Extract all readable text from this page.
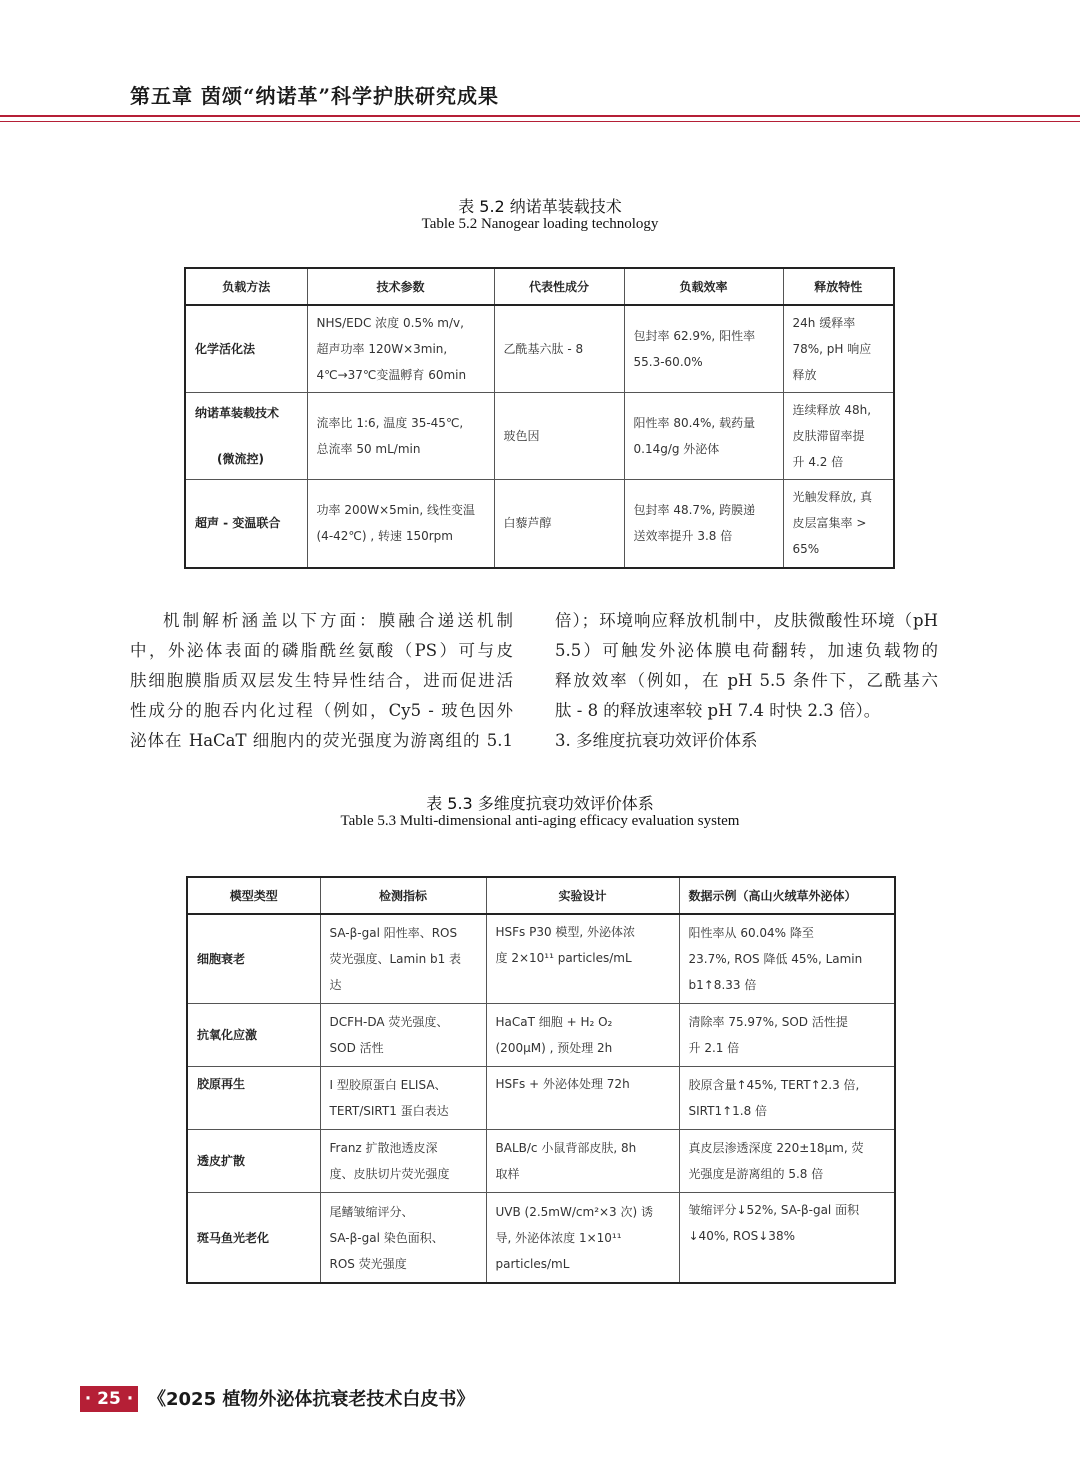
第五章 茵颂“纳诺革”科学护肤研究成果
表 5.2 纳诺革装载技术
Table 5.2 Nanogear loading technology
负载方法	技术参数	代表性成分	负载效率	释放特性

化学活化法	NHS/EDC 浓度 0.5% m/v,
超声功率 120W×3min,
4℃→37℃变温孵育 60min	乙酰基六肽 - 8	包封率 62.9%, 阳性率
55.3-60.0%	24h 缓释率
78%, pH 响应
释放

纳诺革装载技术
(微流控)	流率比 1:6, 温度 35-45℃,
总流率 50 mL/min	玻色因	阳性率 80.4%, 载药量
0.14g/g 外泌体	连续释放 48h,
皮肤滞留率提
升 4.2 倍

超声 - 变温联合	功率 200W×5min, 线性变温
(4-42℃) , 转速 150rpm	白藜芦醇	包封率 48.7%, 跨膜递
送效率提升 3.8 倍	光触发释放, 真
皮层富集率 >
65%
机制解析涵盖以下方面：膜融合递送机制
中，外泌体表面的磷脂酰丝氨酸（PS）可与皮
肤细胞膜脂质双层发生特异性结合，进而促进活
性成分的胞吞内化过程（例如，Cy5 - 玻色因外
泌体在 HaCaT 细胞内的荧光强度为游离组的 5.1
倍）；环境响应释放机制中，皮肤微酸性环境（pH
5.5）可触发外泌体膜电荷翻转，加速负载物的
释放效率（例如，在 pH 5.5 条件下，乙酰基六
肽 - 8 的释放速率较 pH 7.4 时快 2.3 倍）。
3. 多维度抗衰功效评价体系
表 5.3 多维度抗衰功效评价体系
Table 5.3 Multi-dimensional anti-aging efficacy evaluation system
模型类型	检测指标	实验设计	数据示例（高山火绒草外泌体）
细胞衰老	SA-β-gal 阳性率、ROS
荧光强度、Lamin b1 表
达	HSFs P30 模型, 外泌体浓
度 2×10¹¹ particles/mL	阳性率从 60.04% 降至
23.7%, ROS 降低 45%, Lamin
b1↑8.33 倍

抗氧化应激	DCFH-DA 荧光强度、
SOD 活性	HaCaT 细胞 + H₂ O₂
(200μM) , 预处理 2h	清除率 75.97%, SOD 活性提
升 2.1 倍

胶原再生	Ⅰ 型胶原蛋白 ELISA、
TERT/SIRT1 蛋白表达	HSFs + 外泌体处理 72h	胶原含量↑45%, TERT↑2.3 倍,
SIRT1↑1.8 倍

透皮扩散	Franz 扩散池透皮深
度、皮肤切片荧光强度	BALB/c 小鼠背部皮肤, 8h
取样	真皮层渗透深度 220±18μm, 荧
光强度是游离组的 5.8 倍

斑马鱼光老化	尾鳍皱缩评分、
SA-β-gal 染色面积、
ROS 荧光强度	UVB (2.5mW/cm²×3 次) 诱
导, 外泌体浓度 1×10¹¹
particles/mL	皱缩评分↓52%, SA-β-gal 面积
↓40%, ROS↓38%
· 25 · 《2025 植物外泌体抗衰老技术白皮书》
